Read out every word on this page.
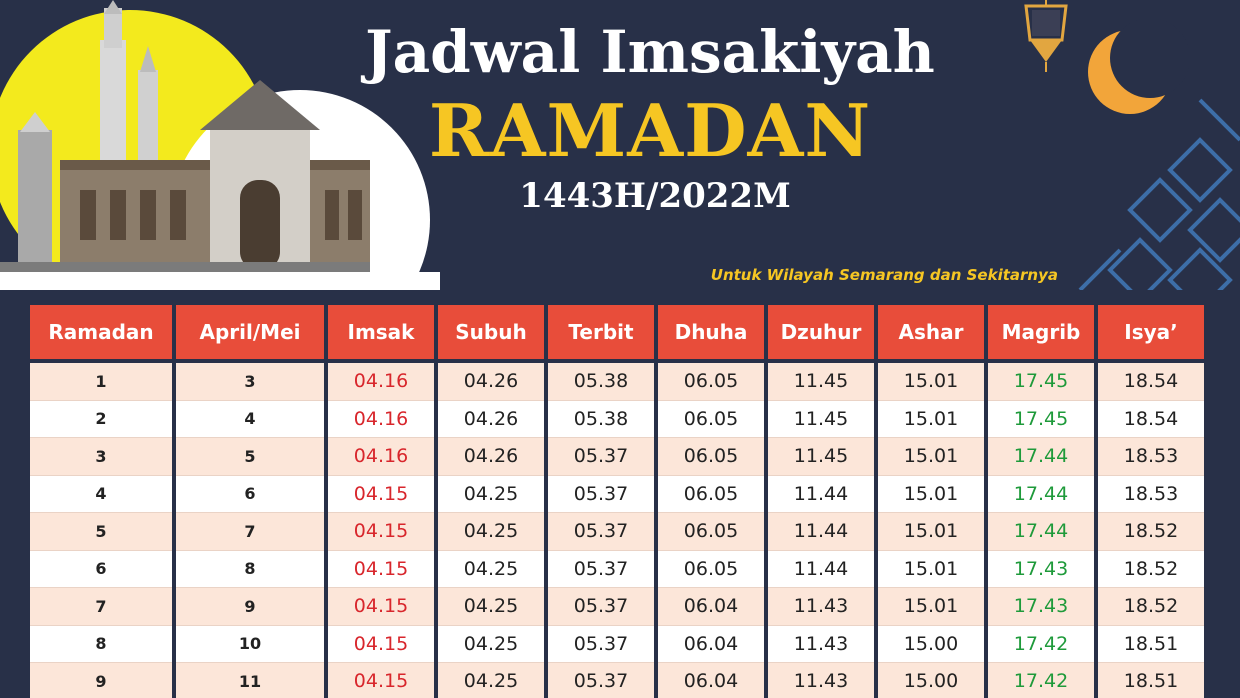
Jadwal Imsakiyah
RAMADAN
1443H/2022M
Untuk Wilayah Semarang dan Sekitarnya
Ramadan	April/Mei	Imsak	Subuh	Terbit	Dhuha	Dzuhur	Ashar	Magrib	Isya’
1	3	04.16	04.26	05.38	06.05	11.45	15.01	17.45	18.54
2	4	04.16	04.26	05.38	06.05	11.45	15.01	17.45	18.54
3	5	04.16	04.26	05.37	06.05	11.45	15.01	17.44	18.53
4	6	04.15	04.25	05.37	06.05	11.44	15.01	17.44	18.53
5	7	04.15	04.25	05.37	06.05	11.44	15.01	17.44	18.52
6	8	04.15	04.25	05.37	06.05	11.44	15.01	17.43	18.52
7	9	04.15	04.25	05.37	06.04	11.43	15.01	17.43	18.52
8	10	04.15	04.25	05.37	06.04	11.43	15.00	17.42	18.51
9	11	04.15	04.25	05.37	06.04	11.43	15.00	17.42	18.51
